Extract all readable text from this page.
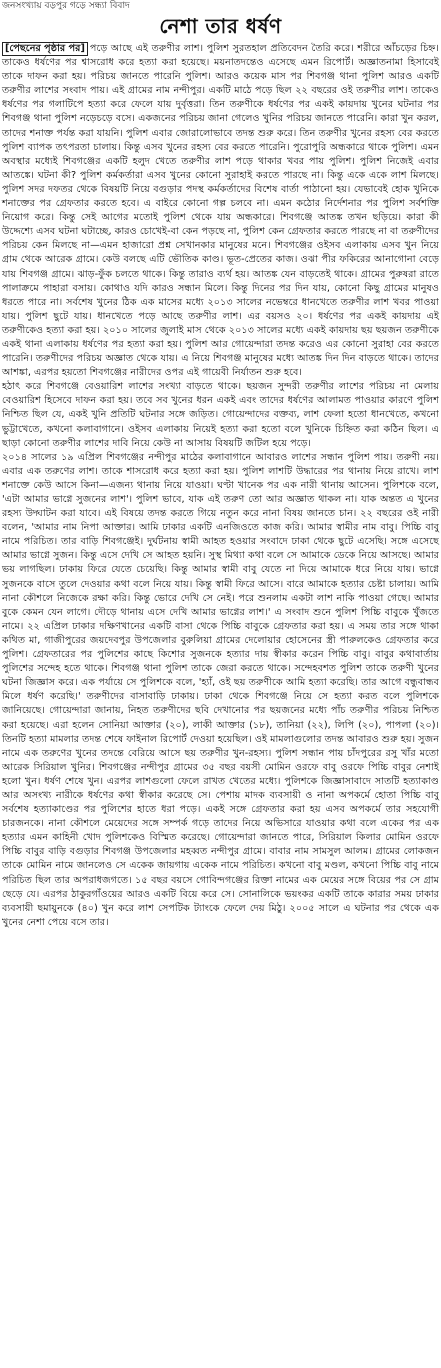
জনসংখ্যায় বড়পুর গড়ে সন্ধ্যা বিবাদ
নেশা তার ধর্ষণ

[পেছনের পৃষ্ঠার পর] পড়ে আছে এই তরুণীর লাশ। পুলিশ সুরতহাল প্রতিবেদন তৈরি করে। শরীরে আঁচড়ের চিহ্ন। তাকেও ধর্ষণের পর শ্বাসরোধ করে হত্যা করা হয়েছে। ময়নাতদন্তেও এসেছে এমন রিপোর্ট। অজ্ঞাতনামা হিসাবেই তাকে দাফন করা হয়। পরিচয় জানতে পারেনি পুলিশ। আরও কয়েক মাস পর শিবগঞ্জ থানা পুলিশ আরও একটি তরুণীর লাশের সংবাদ পায়। এই গ্রামের নাম নন্দীপুর। একটি মাঠে পড়ে ছিল ২২ বছরের ওই তরুণীর লাশ। তাকেও ধর্ষণের পর গলাটিপে হত্যা করে ফেলে যায় দুর্বৃত্তরা। তিন তরুণীকে ধর্ষণের পর একই কায়দায় খুনের ঘটনার পর শিবগঞ্জ থানা পুলিশ নড়েচড়ে বসে। একজনের পরিচয় জানা গেলেও খুনির পরিচয় জানতে পারেনি। কারা খুন করল, তাদের শনাক্ত পর্যন্ত করা যায়নি। পুলিশ এবার জোরালোভাবে তদন্ত শুরু করে। তিন তরুণীর খুনের রহস্য বের করতে পুলিশ ব্যাপক তৎপরতা চালায়। কিন্তু এসব খুনের রহস্য বের করতে পারেনি। পুরোপুরি অন্ধকারে থাকে পুলিশ। এমন অবস্থার মধ্যেই শিবগঞ্জের একটি হলুদ খেতে তরুণীর লাশ পড়ে থাকার খবর পায় পুলিশ। পুলিশ নিজেই এবার আতঙ্কে। ঘটনা কী? পুলিশ কর্মকর্তারা এসব খুনের কোনো সুরাহাই করতে পারছে না। কিন্তু একে একে লাশ মিলছে। পুলিশ সদর দফতর থেকে বিষয়টি নিয়ে বগুড়ার পদস্থ কর্মকর্তাদের বিশেষ বার্তা পাঠানো হয়। যেভাবেই হোক খুনিকে শনাক্তের পর গ্রেফতার করতে হবে। এ বাইরে কোনো গল্প চলবে না। এমন কঠোর নির্দেশনার পর পুলিশ সর্বশক্তি নিয়োগ করে। কিন্তু সেই আগের মতোই পুলিশ থেকে যায় অন্ধকারে। শিবগঞ্জে আতঙ্ক তখন ছড়িয়ে। কারা কী উদ্দেশ্যে এসব ঘটনা ঘটাচ্ছে, কারও চোখেই-বা কেন পড়ছে না, পুলিশ কেন গ্রেফতার করতে পারছে না বা তরুণীদের পরিচয় কেন মিলছে না—এমন হাজারো প্রশ্ন সেখানকার মানুষের মনে। শিবগঞ্জের ওইসব এলাকায় এসব খুন নিয়ে গ্রাম থেকে আরেক গ্রামে। কেউ বলছে এটি ভৌতিক কাণ্ড। ভূত-প্রেতের কাজ। ওঝা পীর ফকিরের আনাগোনা বেড়ে যায় শিবগঞ্জ গ্রামে। ঝাড়-ফুঁক চলতে থাকে। কিন্তু তারাও ব্যর্থ হয়। আতঙ্ক যেন বাড়তেই থাকে। গ্রামের পুরুষরা রাতে পালাক্রমে পাহারা বসায়। কোথাও যদি কারও সন্ধান মিলে। কিন্তু দিনের পর দিন যায়, কোনো কিছু গ্রামের মানুষও ধরতে পারে না। সর্বশেষ খুনের ঠিক এক মাসের মধ্যে ২০১৩ সালের নভেম্বরে ধানখেতে তরুণীর লাশ খবর পাওয়া যায়। পুলিশ ছুটে যায়। ধানখেতে পড়ে আছে তরুণীর লাশ। এর বয়সও ২০। ধর্ষণের পর একই কায়দায় এই তরুণীকেও হত্যা করা হয়। ২০১০ সালের জুলাই মাস থেকে ২০১৩ সালের মধ্যে একই কায়দায় ছয় ছয়জন তরুণীকে একই থানা এলাকায় ধর্ষণের পর হত্যা করা হয়। পুলিশ আর গোয়েন্দারা তদন্ত করেও এর কোনো সুরাহা বের করতে পারেনি। তরুণীদের পরিচয় অজ্ঞাত থেকে যায়। এ নিয়ে শিবগঞ্জ মানুষের মধ্যে আতঙ্ক দিন দিন বাড়তে থাকে। তাদের আশঙ্কা, এরপর হয়তো শিবগঞ্জের নারীদের ওপর এই গায়েবী নির্যাতন শুরু হবে।

হঠাৎ করে শিবগঞ্জে বেওয়ারিশ লাশের সংখ্যা বাড়তে থাকে। ছয়জন সুন্দরী তরুণীর লাশের পরিচয় না মেলায় বেওয়ারিশ হিসেবে দাফন করা হয়। তবে সব খুনের ধরন একই এবং তাদের ধর্ষণের আলামত পাওয়ার কারণে পুলিশ নিশ্চিত ছিল যে, একই খুনি প্রতিটি ঘটনার সঙ্গে জড়িত। গোয়েন্দাদের বক্তব্য, লাশ ফেলা হতো ধানখেতে, কখনো ভুট্টাখেতে, কখনো কলাবাগানে। ওইসব এলাকায় নিয়েই হত্যা করা হতো বলে খুনিকে চিহ্নিত করা কঠিন ছিল। এ ছাড়া কোনো তরুণীর লাশের দাবি নিয়ে কেউ না আসায় বিষয়টি জটিল হয়ে পড়ে।

২০১৪ সালের ১৯ এপ্রিল শিবগঞ্জের নন্দীপুর মাঠের কলাবাগানে আবারও লাশের সন্ধান পুলিশ পায়। তরুণী নয়। এবার এক তরুণের লাশ। তাকে শাসরোধ করে হত্যা করা হয়। পুলিশ লাশটি উদ্ধারের পর থানায় নিয়ে রাখে। লাশ শনাক্তে কেউ আসে কিনা—এজন্য থানায় নিয়ে যাওয়া। ঘণ্টা খানেক পর এক নারী থানায় আসেন। পুলিশকে বলে, 'এটা আমার ভাগ্নে সুজনের লাশ'। পুলিশ ভাবে, যাক এই তরুণ তো আর অজ্ঞাত থাকল না। যাক অন্তত এ খুনের রহস্য উদ্ঘাটন করা যাবে। এই বিষয়ে তদন্ত করতে গিয়ে নতুন করে নানা বিষয় জানতে চান। ২২ বছরের ওই নারী বলেন, 'আমার নাম নিপা আক্তার। আমি ঢাকার একটি এনজিওতে কাজ করি। আমার স্বামীর নাম বাবু। পিচ্চি বাবু নামে পরিচিত। তার বাড়ি শিবগঞ্জেই। দুর্ঘটনায় স্বামী আহত হওয়ার সংবাদে ঢাকা থেকে ছুটে এসেছি। সঙ্গে এসেছে আমার ভাগ্নে সুজন। কিন্তু এসে দেখি সে আহত হয়নি। সুস্থ মিথ্যা কথা বলে সে আমাকে ডেকে নিয়ে আসছে। আমার ভয় লাগছিল। ঢাকায় ফিরে যেতে চেয়েছি। কিন্তু আমার স্বামী বাবু যেতে না দিয়ে আমাকে ধরে নিয়ে যায়। ভাগ্নে সুজনকে বাসে তুলে দেওয়ার কথা বলে নিয়ে যায়। কিন্তু স্বামী ফিরে আসে। বারে আমাকে হত্যার চেষ্টা চালায়। আমি নানা কৌশলে নিজেকে রক্ষা করি। কিন্তু ভোরে দেখি সে নেই। পরে শুনলাম একটা লাশ নাকি পাওয়া গেছে। আমার বুকে কেমন যেন লাগে। দৌড়ে থানায় এসে দেখি আমার ভাগ্নের লাশ।' এ সংবাদ শুনে পুলিশ পিচ্চি বাবুকে খুঁজতে নামে। ২২ এপ্রিল ঢাকার দক্ষিণখানের একটি বাসা থেকে পিচ্চি বাবুকে গ্রেফতার করা হয়। এ সময় তার সঙ্গে থাকা কথিত মা, গাজীপুরের জয়দেবপুর উপজেলার বুরুলিয়া গ্রামের দেলোয়ার হোসেনের স্ত্রী পারুলকেও গ্রেফতার করে পুলিশ। গ্রেফতারের পর পুলিশের কাছে কিশোর সুজনকে হত্যার দায় স্বীকার করেন পিচ্চি বাবু। বাবুর কথাবার্তায় পুলিশের সন্দেহ হতে থাকে। শিবগঞ্জ থানা পুলিশ তাকে জেরা করতে থাকে। সন্দেহবশত পুলিশ তাকে তরুণী খুনের ঘটনা জিজ্ঞাস করে। এক পর্যায়ে সে পুলিশকে বলে, 'হ্যাঁ, ওই ছয় তরুণীকে আমি হত্যা করেছি। তার আগে বন্ধুবান্ধব মিলে ধর্ষণ করেছি।' তরুণীদের বাসাবাড়ি ঢাকায়। ঢাকা থেকে শিবগঞ্জে নিয়ে সে হত্যা করত বলে পুলিশকে জানিয়েছে। গোয়েন্দারা জানায়, নিহত তরুণীদের ছবি দেখানোর পর ছয়জনের মধ্যে পাঁচ তরুণীর পরিচয় নিশ্চিত করা হয়েছে। এরা হলেন সোনিয়া আক্তার (২০), লাকী আক্তার (১৮), তানিয়া (২২), লিপি (২০), পাপলা (২০)। তিনটি হত্যা মামলার তদন্ত শেষে ফাইনাল রিপোর্ট দেওয়া হয়েছিল। ওই মামলাগুলোর তদন্ত আবারও শুরু হয়। সুজন নামে এক তরুণের খুনের তদন্তে বেরিয়ে আসে ছয় তরুণীর খুন-রহস্য। পুলিশ সন্ধান পায় চাঁদপুরের রসু খাঁর মতো আরেক সিরিয়াল খুনির। শিবগঞ্জের নন্দীপুর গ্রামের ৩৫ বছর বয়সী মোমিন ওরফে বাবু ওরফে পিচ্চি বাবুর নেশাই হলো খুন। ধর্ষণ শেষে খুন। এরপর লাশগুলো ফেলে রাখত খেতের মধ্যে। পুলিশকে জিজ্ঞাসাবাদে সাতটি হত্যাকাণ্ড আর অসংখ্য নারীকে ধর্ষণের কথা স্বীকার করেছে সে। পেশায় মাদক ব্যবসায়ী ও নানা অপকর্মে হোতা পিচ্চি বাবু সর্বশেষ হত্যাকাণ্ডের পর পুলিশের হাতে ধরা পড়ে। একই সঙ্গে গ্রেফতার করা হয় এসব অপকর্মে তার সহযোগী চারজনকে। নানা কৌশলে মেয়েদের সঙ্গে সম্পর্ক গড়ে তাদের নিয়ে অভিসারে যাওয়ার কথা বলে একের পর এক হত্যার এমন কাহিনী খোদ পুলিশকেও বিস্মিত করেছে। গোয়েন্দারা জানতে পারে, সিরিয়াল কিলার মোমিন ওরফে পিচ্চি বাবুর বাড়ি বগুড়ার শিবগঞ্জ উপজেলার মহব্বত নন্দীপুর গ্রামে। বাবার নাম সামসুল আলম। গ্রামের লোকজন তাকে মোমিন নামে জানলেও সে একেক জায়গায় একেক নামে পরিচিত। কখনো বাবু মণ্ডল, কখনো পিচ্চি বাবু নামে পরিচিত ছিল তার অপরাধজগতে। ১৫ বছর বয়সে গোবিন্দগঞ্জের রিক্তা নামের এক মেয়ের সঙ্গে বিয়ের পর সে গ্রাম ছেড়ে যে। এরপর ঠাকুরগাঁওয়ের আরও একটি বিয়ে করে সে। সোনালিকে ভয়ংকর একটি তাকে কারার সময় ঢাকার ব্যবসায়ী ছমায়ুনকে (৪০) খুন করে লাশ সেপটিক ট্যাংকে ফেলে দেয় মিঠু। ২০০৫ সালে এ ঘটনার পর থেকে এক খুনের নেশা পেয়ে বসে তার।
